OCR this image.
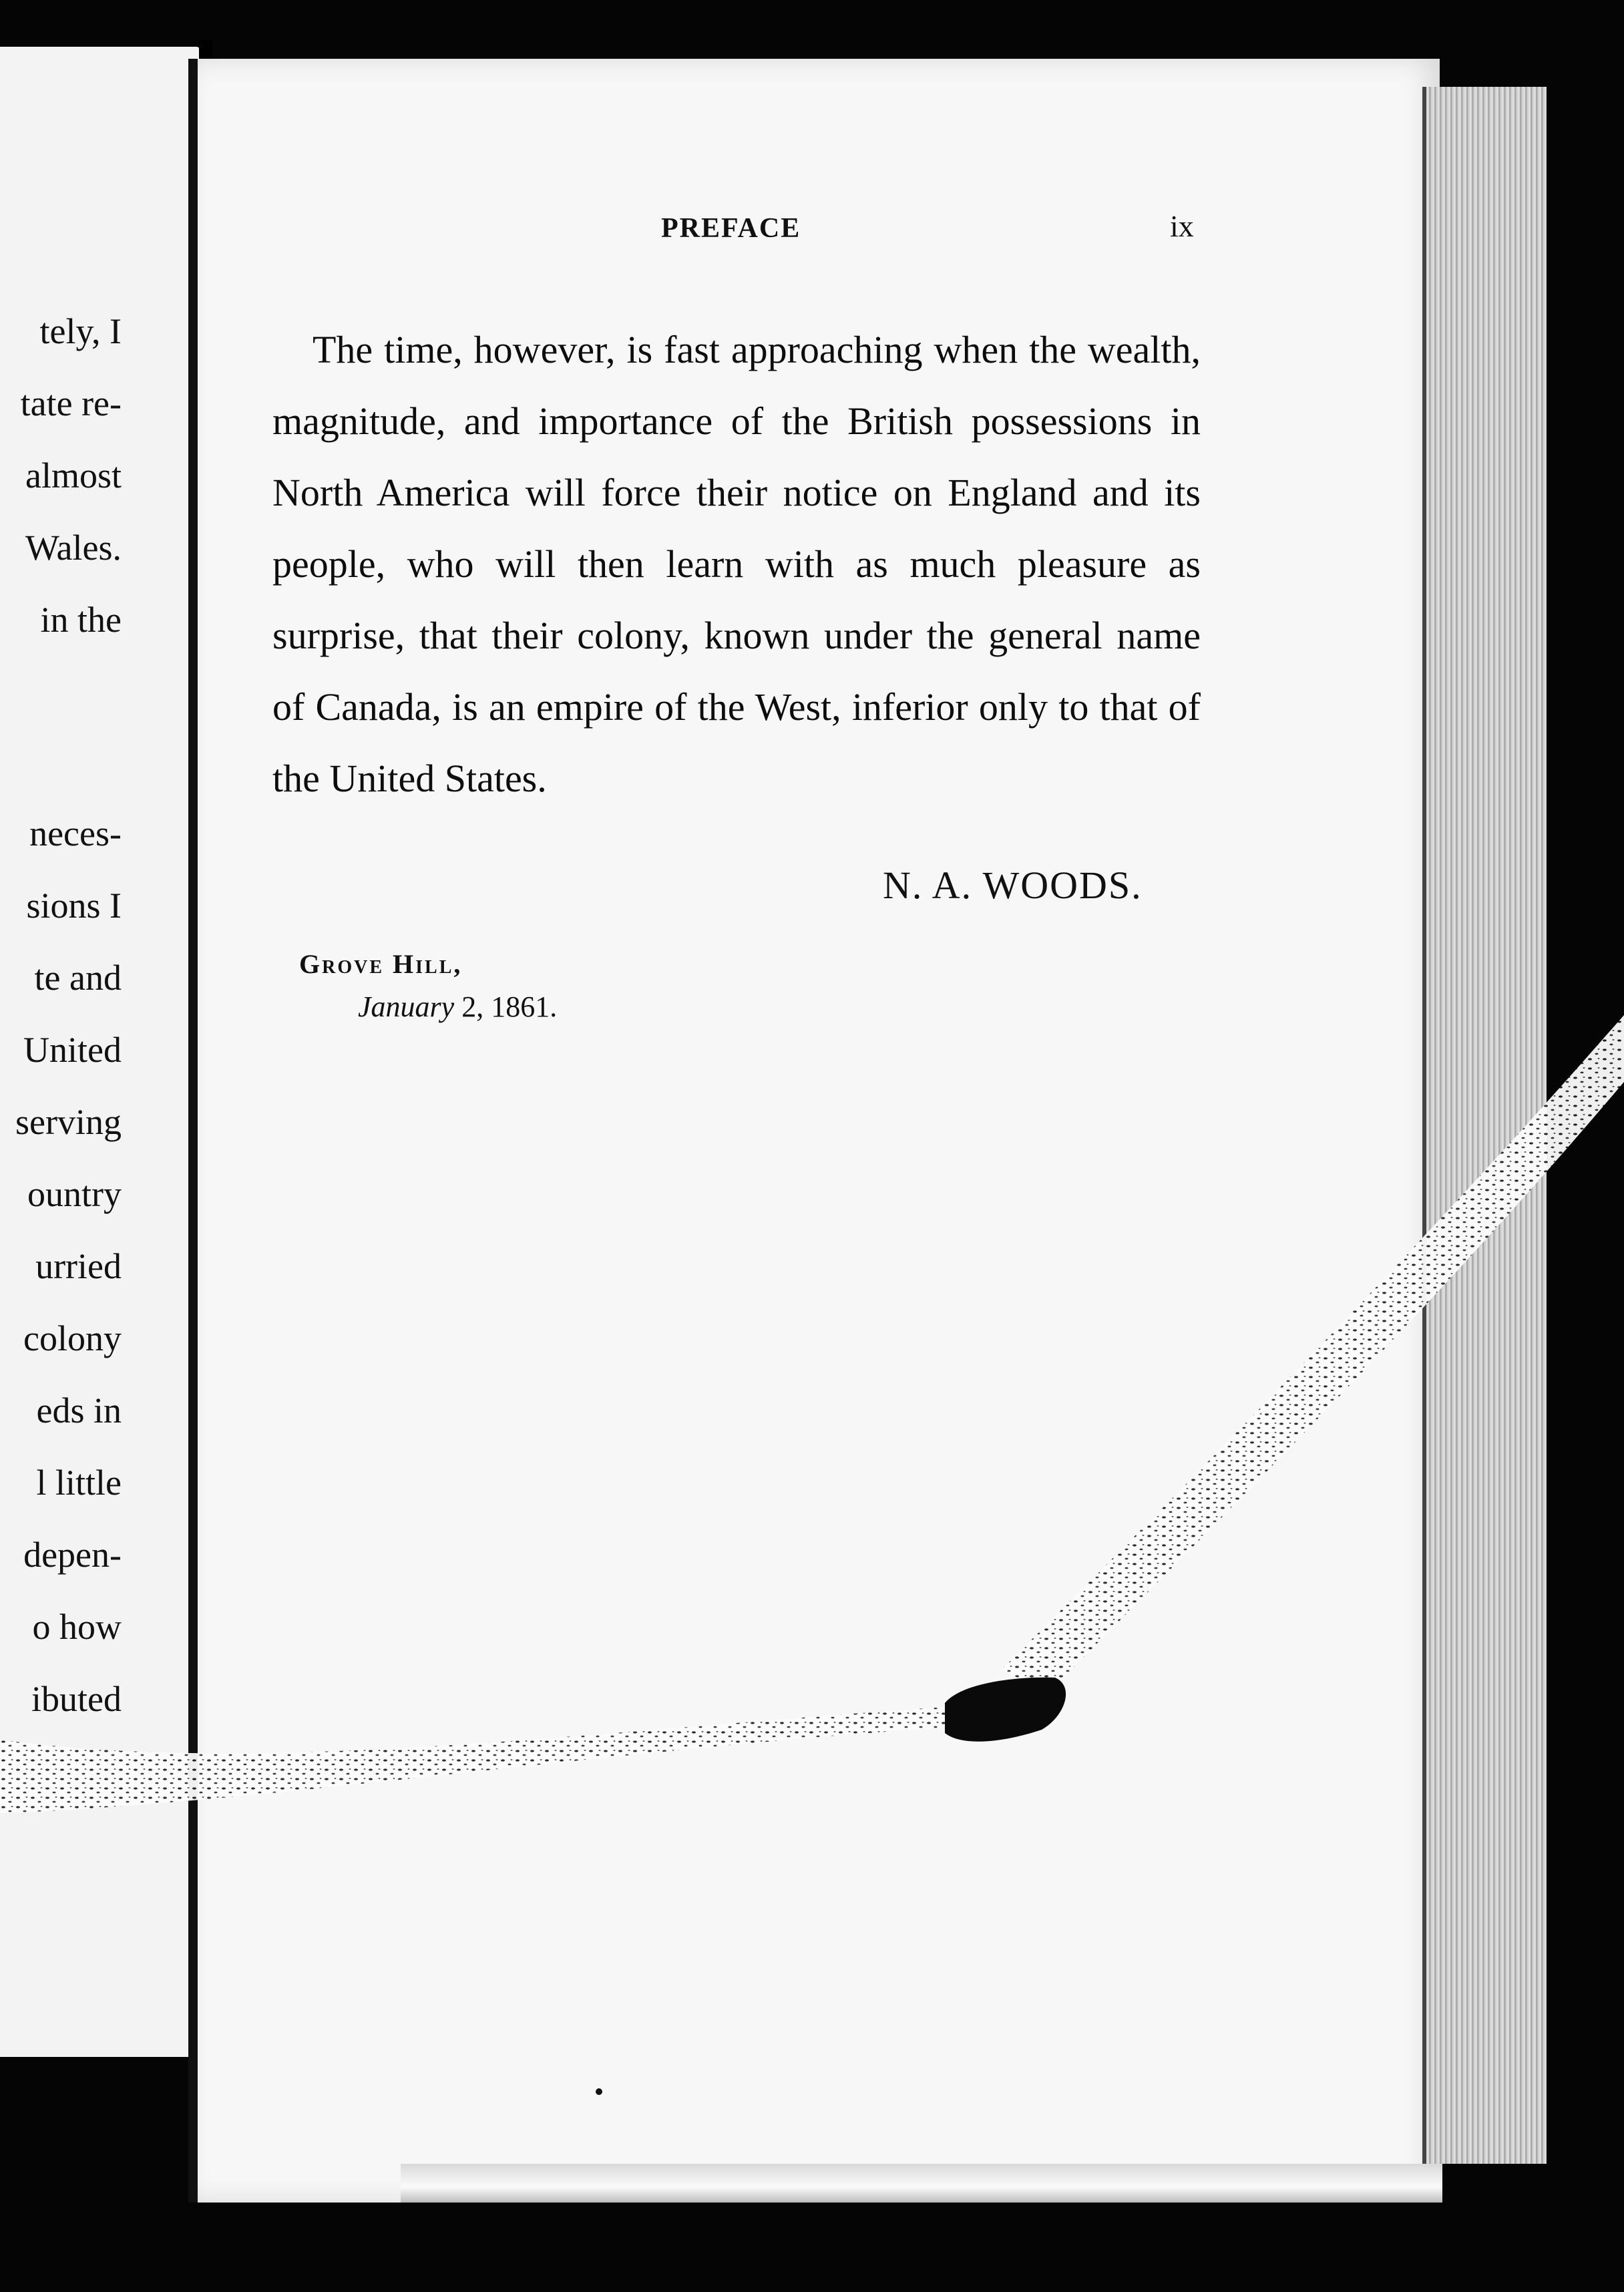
tely, I
tate re-
almost
Wales.
in the
neces-
sions I
te and
United
serving
ountry
urried
colony
eds in
l little
depen-
o how
ibuted
PREFACE	ix
The time, however, is fast approaching when the wealth, magnitude, and importance of the British possessions in North America will force their notice on England and its people, who will then learn with as much pleasure as surprise, that their colony, known under the general name of Canada, is an empire of the West, inferior only to that of the United States.
N. A. WOODS.
Grove Hill,
January 2, 1861.
